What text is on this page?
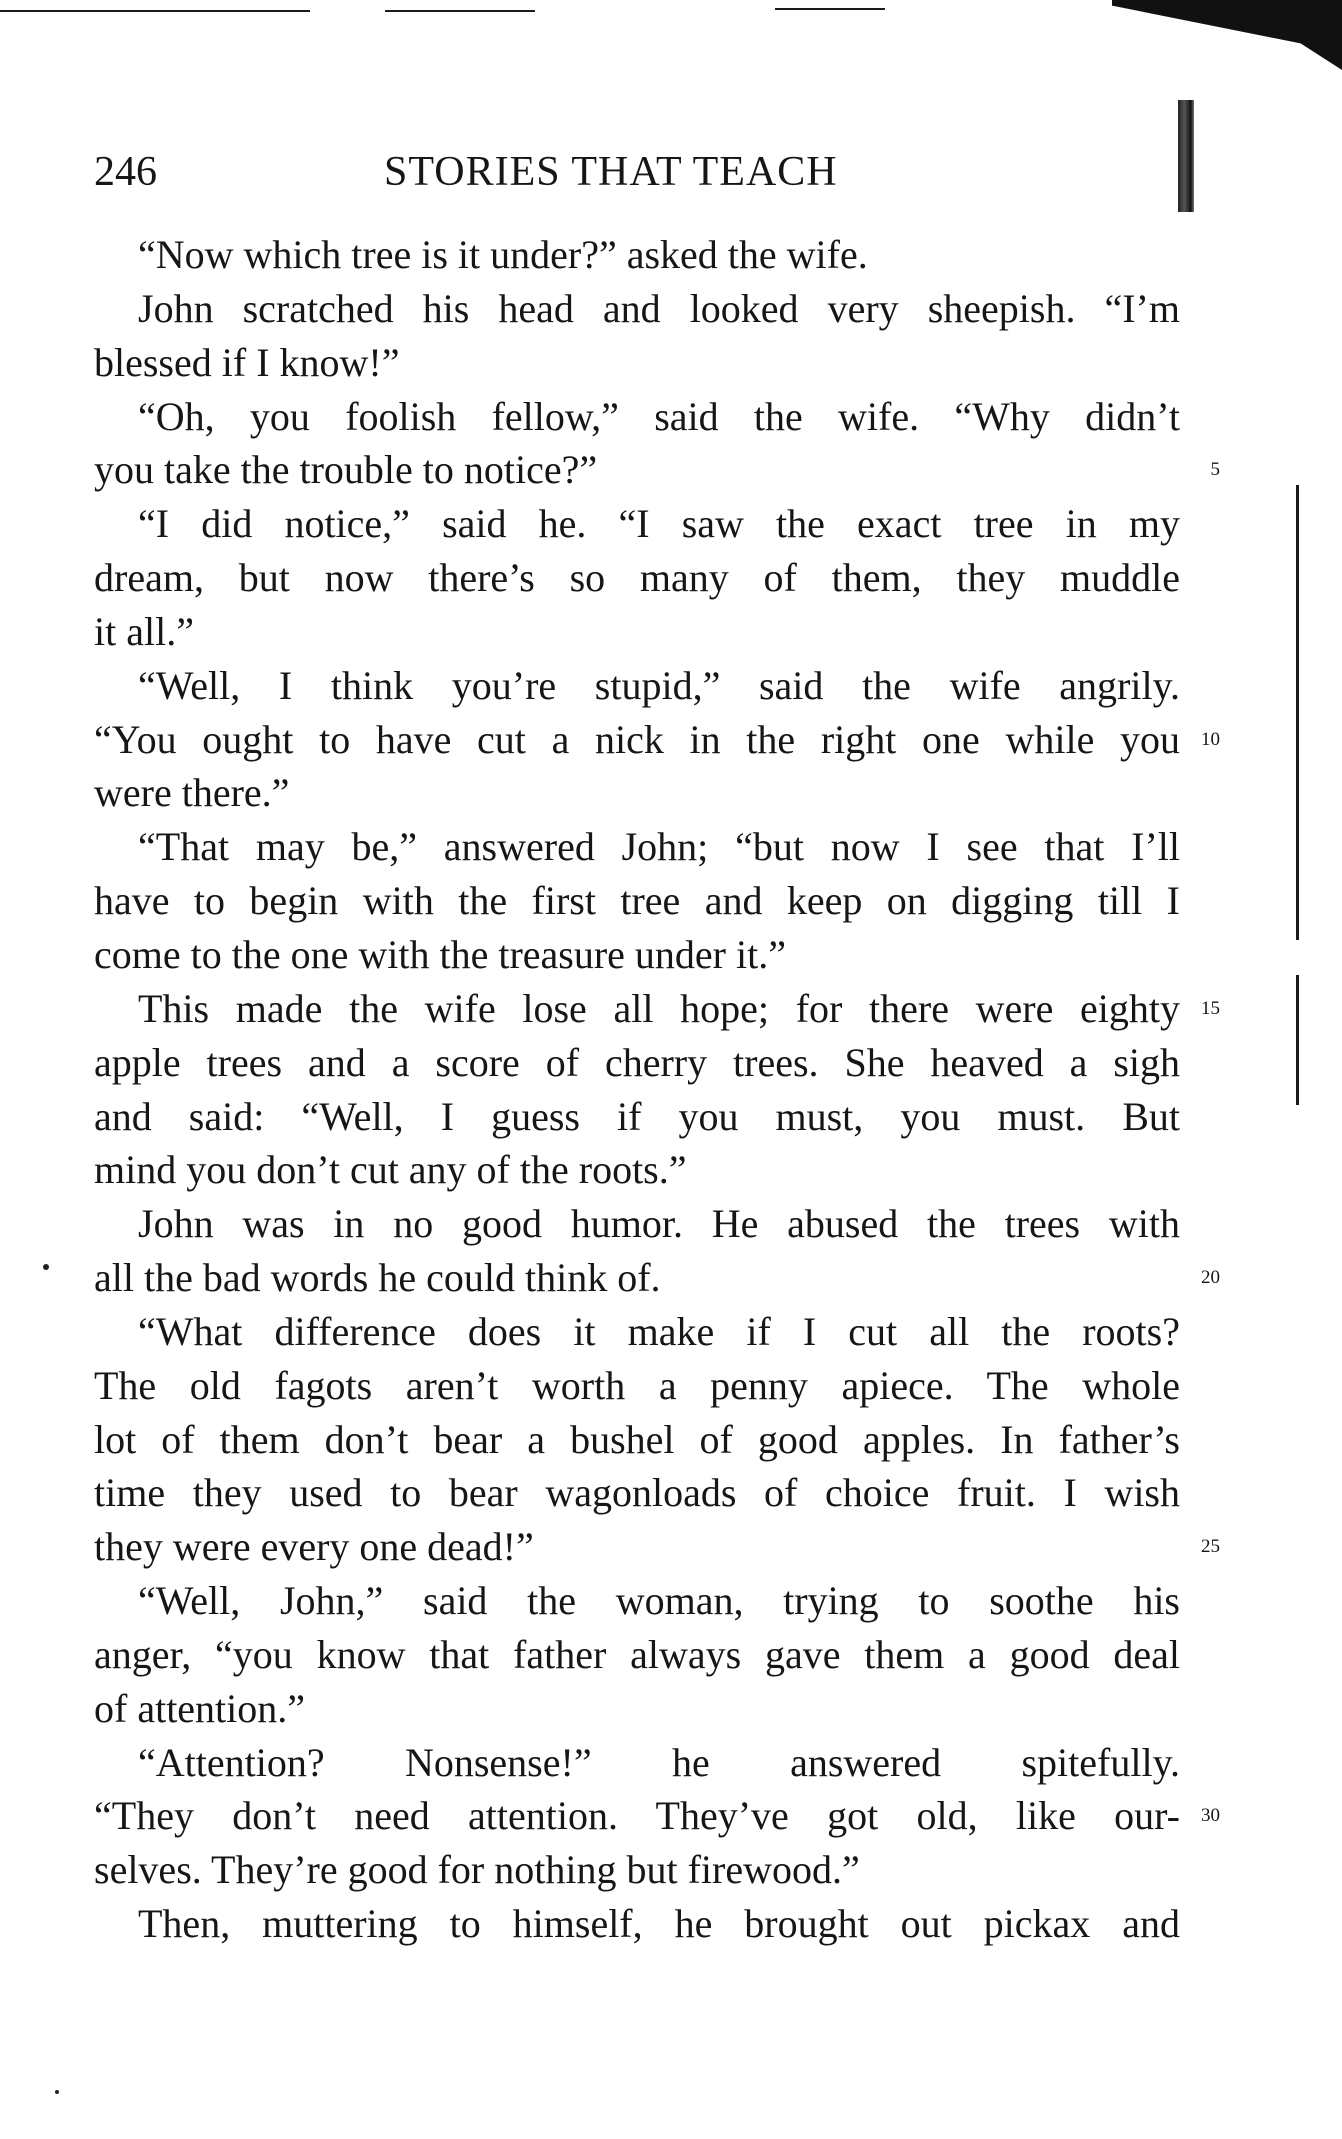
246	STORIES THAT TEACH
“Now which tree is it under?” asked the wife.
John scratched his head and looked very sheepish. “I’m
blessed if I know!”
“Oh, you foolish fellow,” said the wife. “Why didn’t
you take the trouble to notice?”	5
“I did notice,” said he. “I saw the exact tree in my
dream, but now there’s so many of them, they muddle
it all.”
“Well, I think you’re stupid,” said the wife angrily.
“You ought to have cut a nick in the right one while you 10
were there.”
“That may be,” answered John; “but now I see that I’ll
have to begin with the first tree and keep on digging till I
come to the one with the treasure under it.”
This made the wife lose all hope; for there were eighty 15
apple trees and a score of cherry trees. She heaved a sigh
and said: “Well, I guess if you must, you must. But
mind you don’t cut any of the roots.”
John was in no good humor. He abused the trees with
all the bad words he could think of.	20
“What difference does it make if I cut all the roots?
The old fagots aren’t worth a penny apiece. The whole
lot of them don’t bear a bushel of good apples. In father’s
time they used to bear wagonloads of choice fruit. I wish
they were every one dead!”	25
“Well, John,” said the woman, trying to soothe his
anger, “you know that father always gave them a good deal
of attention.”
“Attention? Nonsense!” he answered spitefully.
“They don’t need attention. They’ve got old, like our- 30
selves. They’re good for nothing but firewood.”
Then, muttering to himself, he brought out pickax and
